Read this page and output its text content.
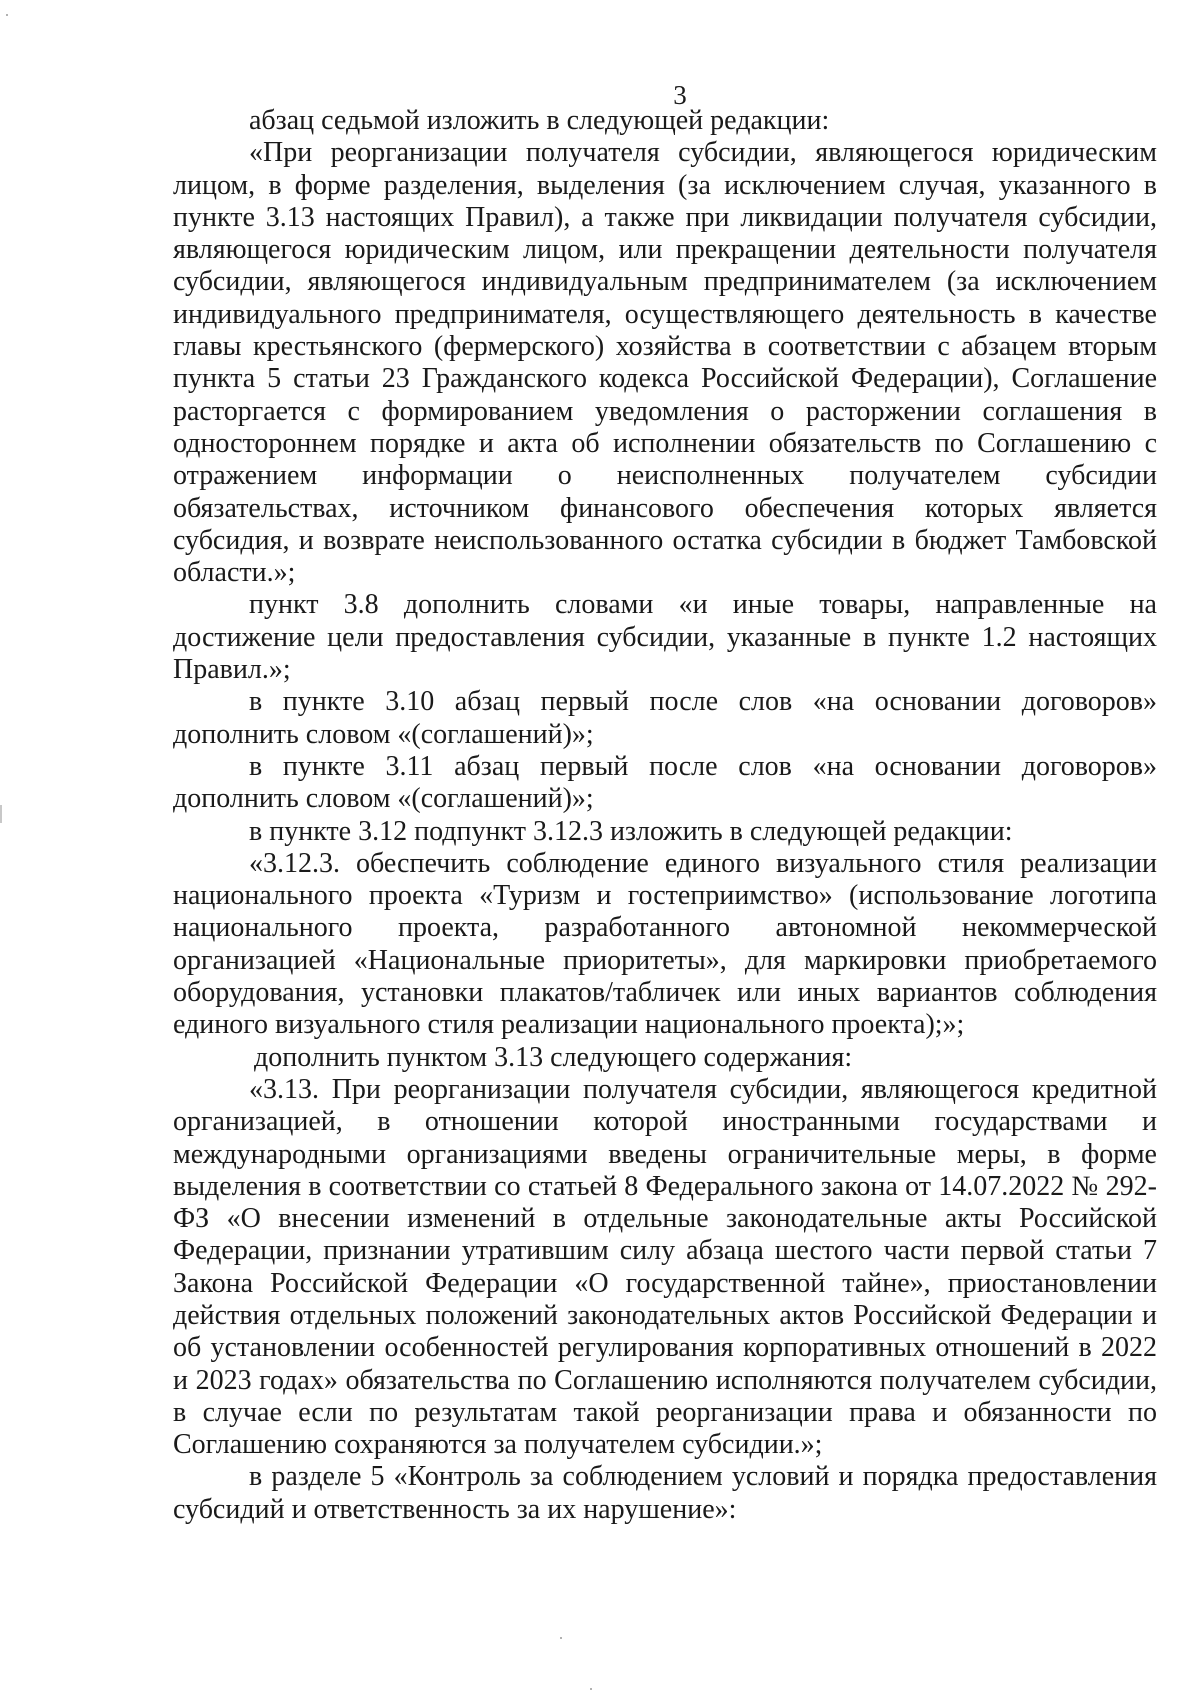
3

абзац седьмой изложить в следующей редакции:

«При реорганизации получателя субсидии, являющегося юридическим лицом, в форме разделения, выделения (за исключением случая, указанного в пункте 3.13 настоящих Правил), а также при ликвидации получателя субсидии, являющегося юридическим лицом, или прекращении деятельности получателя субсидии, являющегося индивидуальным предпринимателем (за исключением индивидуального предпринимателя, осуществляющего деятельность в качестве главы крестьянского (фермерского) хозяйства в соответствии с абзацем вторым пункта 5 статьи 23 Гражданского кодекса Российской Федерации), Соглашение расторгается с формированием уведомления о расторжении соглашения в одностороннем порядке и акта об исполнении обязательств по Соглашению с отражением информации о неисполненных получателем субсидии обязательствах, источником финансового обеспечения которых является субсидия, и возврате неиспользованного остатка субсидии в бюджет Тамбовской области.»;

пункт 3.8 дополнить словами «и иные товары, направленные на достижение цели предоставления субсидии, указанные в пункте 1.2 настоящих Правил.»;

в пункте 3.10 абзац первый после слов «на основании договоров» дополнить словом «(соглашений)»;

в пункте 3.11 абзац первый после слов «на основании договоров» дополнить словом «(соглашений)»;

в пункте 3.12 подпункт 3.12.3 изложить в следующей редакции:

«3.12.3. обеспечить соблюдение единого визуального стиля реализации национального проекта «Туризм и гостеприимство» (использование логотипа национального проекта, разработанного автономной некоммерческой организацией «Национальные приоритеты», для маркировки приобретаемого оборудования, установки плакатов/табличек или иных вариантов соблюдения единого визуального стиля реализации национального проекта);»;

дополнить пунктом 3.13 следующего содержания:

«3.13. При реорганизации получателя субсидии, являющегося кредитной организацией, в отношении которой иностранными государствами и международными организациями введены ограничительные меры, в форме выделения в соответствии со статьей 8 Федерального закона от 14.07.2022 № 292-ФЗ «О внесении изменений в отдельные законодательные акты Российской Федерации, признании утратившим силу абзаца шестого части первой статьи 7 Закона Российской Федерации «О государственной тайне», приостановлении действия отдельных положений законодательных актов Российской Федерации и об установлении особенностей регулирования корпоративных отношений в 2022 и 2023 годах» обязательства по Соглашению исполняются получателем субсидии, в случае если по результатам такой реорганизации права и обязанности по Соглашению сохраняются за получателем субсидии.»;

в разделе 5 «Контроль за соблюдением условий и порядка предоставления субсидий и ответственность за их нарушение»:
